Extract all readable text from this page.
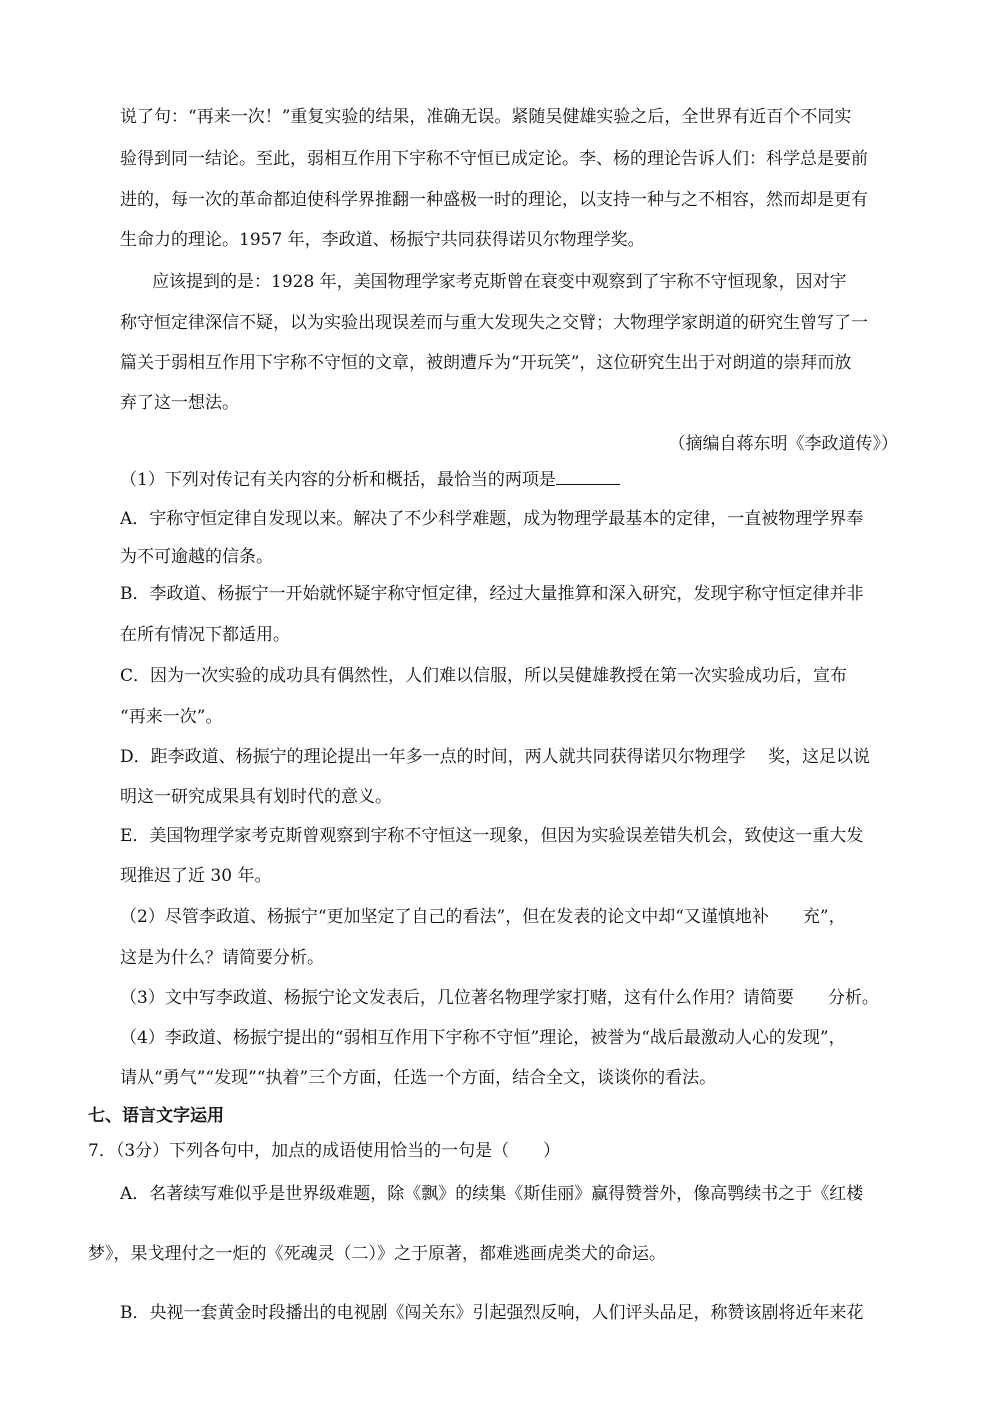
说了句：“再来一次！”重复实验的结果，准确无误。紧随吴健雄实验之后，全世界有近百个不同实
验得到同一结论。至此，弱相互作用下宇称不守恒已成定论。李、杨的理论告诉人们：科学总是要前
进的，每一次的革命都迫使科学界推翻一种盛极一时的理论，以支持一种与之不相容，然而却是更有
生命力的理论。1957 年，李政道、杨振宁共同获得诺贝尔物理学奖。
应该提到的是：1928 年，美国物理学家考克斯曾在衰变中观察到了宇称不守恒现象，因对宇
称守恒定律深信不疑，以为实验出现误差而与重大发现失之交臂；大物理学家朗道的研究生曾写了一
篇关于弱相互作用下宇称不守恒的文章，被朗遭斥为“开玩笑”，这位研究生出于对朗道的崇拜而放
弃了这一想法。
（摘编自蒋东明《李政道传》）
（1）下列对传记有关内容的分析和概括，最恰当的两项是
A．宇称守恒定律自发现以来。解决了不少科学难题，成为物理学最基本的定律，一直被物理学界奉
为不可逾越的信条。
B．李政道、杨振宁一开始就怀疑宇称守恒定律，经过大量推算和深入研究，发现宇称守恒定律并非
在所有情况下都适用。
C．因为一次实验的成功具有偶然性，人们难以信服，所以吴健雄教授在第一次实验成功后，宣布
“再来一次”。
D．距李政道、杨振宁的理论提出一年多一点的时间，两人就共同获得诺贝尔物理学　 奖，这足以说
明这一研究成果具有划时代的意义。
E．美国物理学家考克斯曾观察到宇称不守恒这一现象，但因为实验误差错失机会，致使这一重大发
现推迟了近 30 年。
（2）尽管李政道、杨振宁“更加坚定了自己的看法”，但在发表的论文中却“又谨慎地补　　充”，
这是为什么？请简要分析。
（3）文中写李政道、杨振宁论文发表后，几位著名物理学家打赌，这有什么作用？请简要　　分析。
（4）李政道、杨振宁提出的“弱相互作用下宇称不守恒”理论，被誉为“战后最激动人心的发现”，
请从“勇气”“发现”“执着”三个方面，任选一个方面，结合全文，谈谈你的看法。
七、语言文字运用
7．（3分）下列各句中，加点的成语使用恰当的一句是（　　）
A．名著续写难似乎是世界级难题，除《飘》的续集《斯佳丽》赢得赞誉外，像高鹗续书之于《红楼
梦》，果戈理付之一炬的《死魂灵（二）》之于原著，都难逃画虎类犬的命运。
B．央视一套黄金时段播出的电视剧《闯关东》引起强烈反响，人们评头品足，称赞该剧将近年来花
